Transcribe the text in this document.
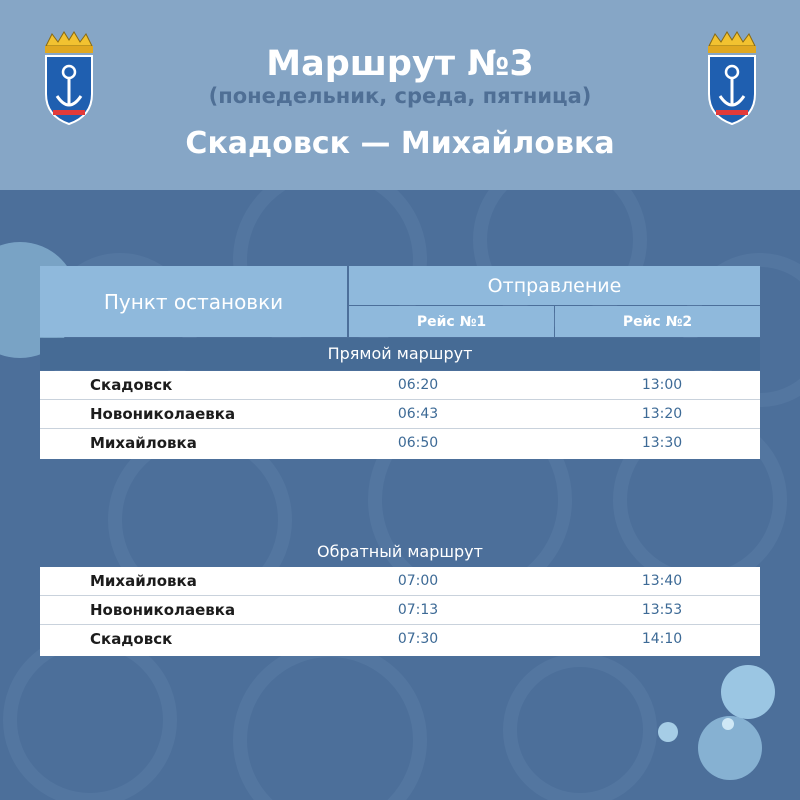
Маршрут №3
(понедельник, среда, пятница)
Скадовск — Михайловка
Пункт остановки
Отправление
Рейс №1	Рейс №2
Прямой маршрут
Скадовск	06:20	13:00
Новониколаевка	06:43	13:20
Михайловка	06:50	13:30
Обратный маршрут
Михайловка	07:00	13:40
Новониколаевка	07:13	13:53
Скадовск	07:30	14:10
